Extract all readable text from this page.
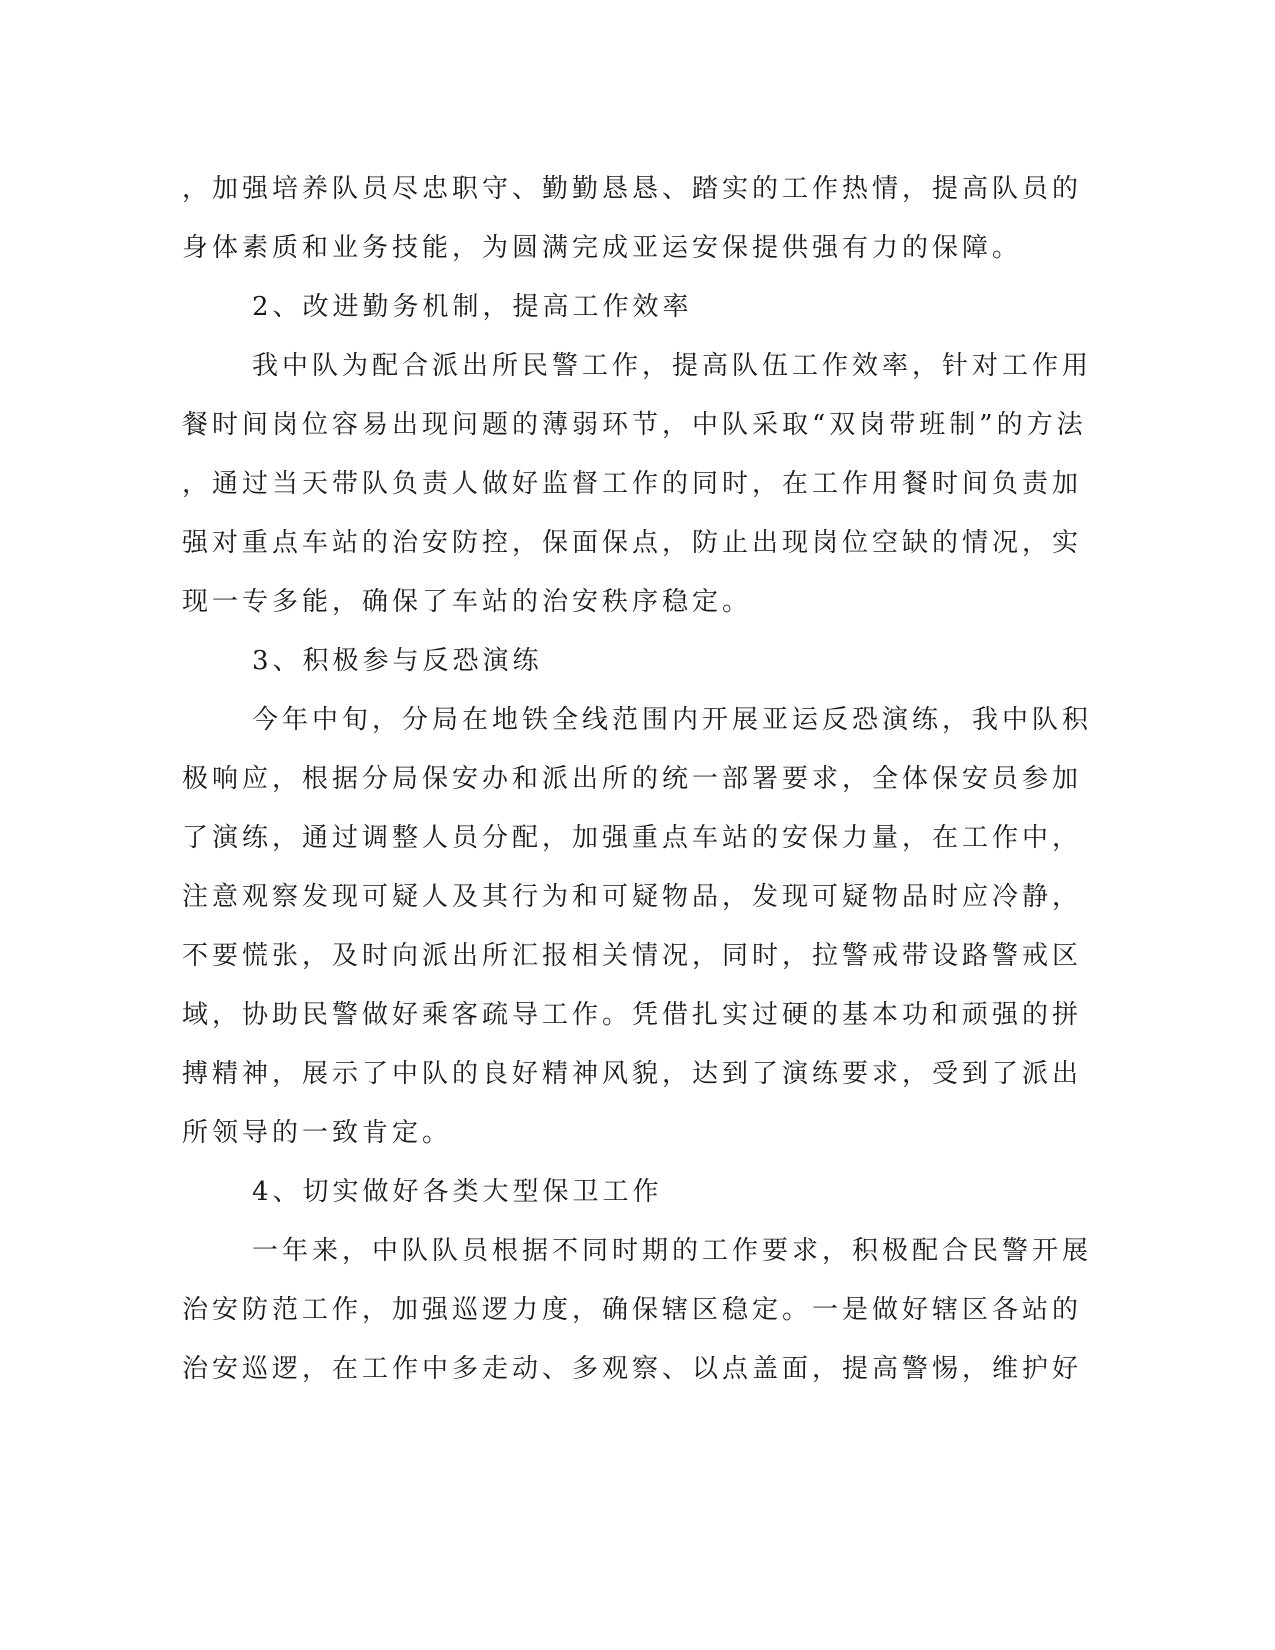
，加强培养队员尽忠职守、勤勤恳恳、踏实的工作热情，提高队员的
身体素质和业务技能，为圆满完成亚运安保提供强有力的保障。
2、改进勤务机制，提高工作效率
我中队为配合派出所民警工作，提高队伍工作效率，针对工作用
餐时间岗位容易出现问题的薄弱环节，中队采取“双岗带班制”的方法
，通过当天带队负责人做好监督工作的同时，在工作用餐时间负责加
强对重点车站的治安防控，保面保点，防止出现岗位空缺的情况，实
现一专多能，确保了车站的治安秩序稳定。
3、积极参与反恐演练
今年中旬，分局在地铁全线范围内开展亚运反恐演练，我中队积
极响应，根据分局保安办和派出所的统一部署要求，全体保安员参加
了演练，通过调整人员分配，加强重点车站的安保力量，在工作中，
注意观察发现可疑人及其行为和可疑物品，发现可疑物品时应冷静，
不要慌张，及时向派出所汇报相关情况，同时，拉警戒带设路警戒区
域，协助民警做好乘客疏导工作。凭借扎实过硬的基本功和顽强的拼
搏精神，展示了中队的良好精神风貌，达到了演练要求，受到了派出
所领导的一致肯定。
4、切实做好各类大型保卫工作
一年来，中队队员根据不同时期的工作要求，积极配合民警开展
治安防范工作，加强巡逻力度，确保辖区稳定。一是做好辖区各站的
治安巡逻，在工作中多走动、多观察、以点盖面，提高警惕，维护好
